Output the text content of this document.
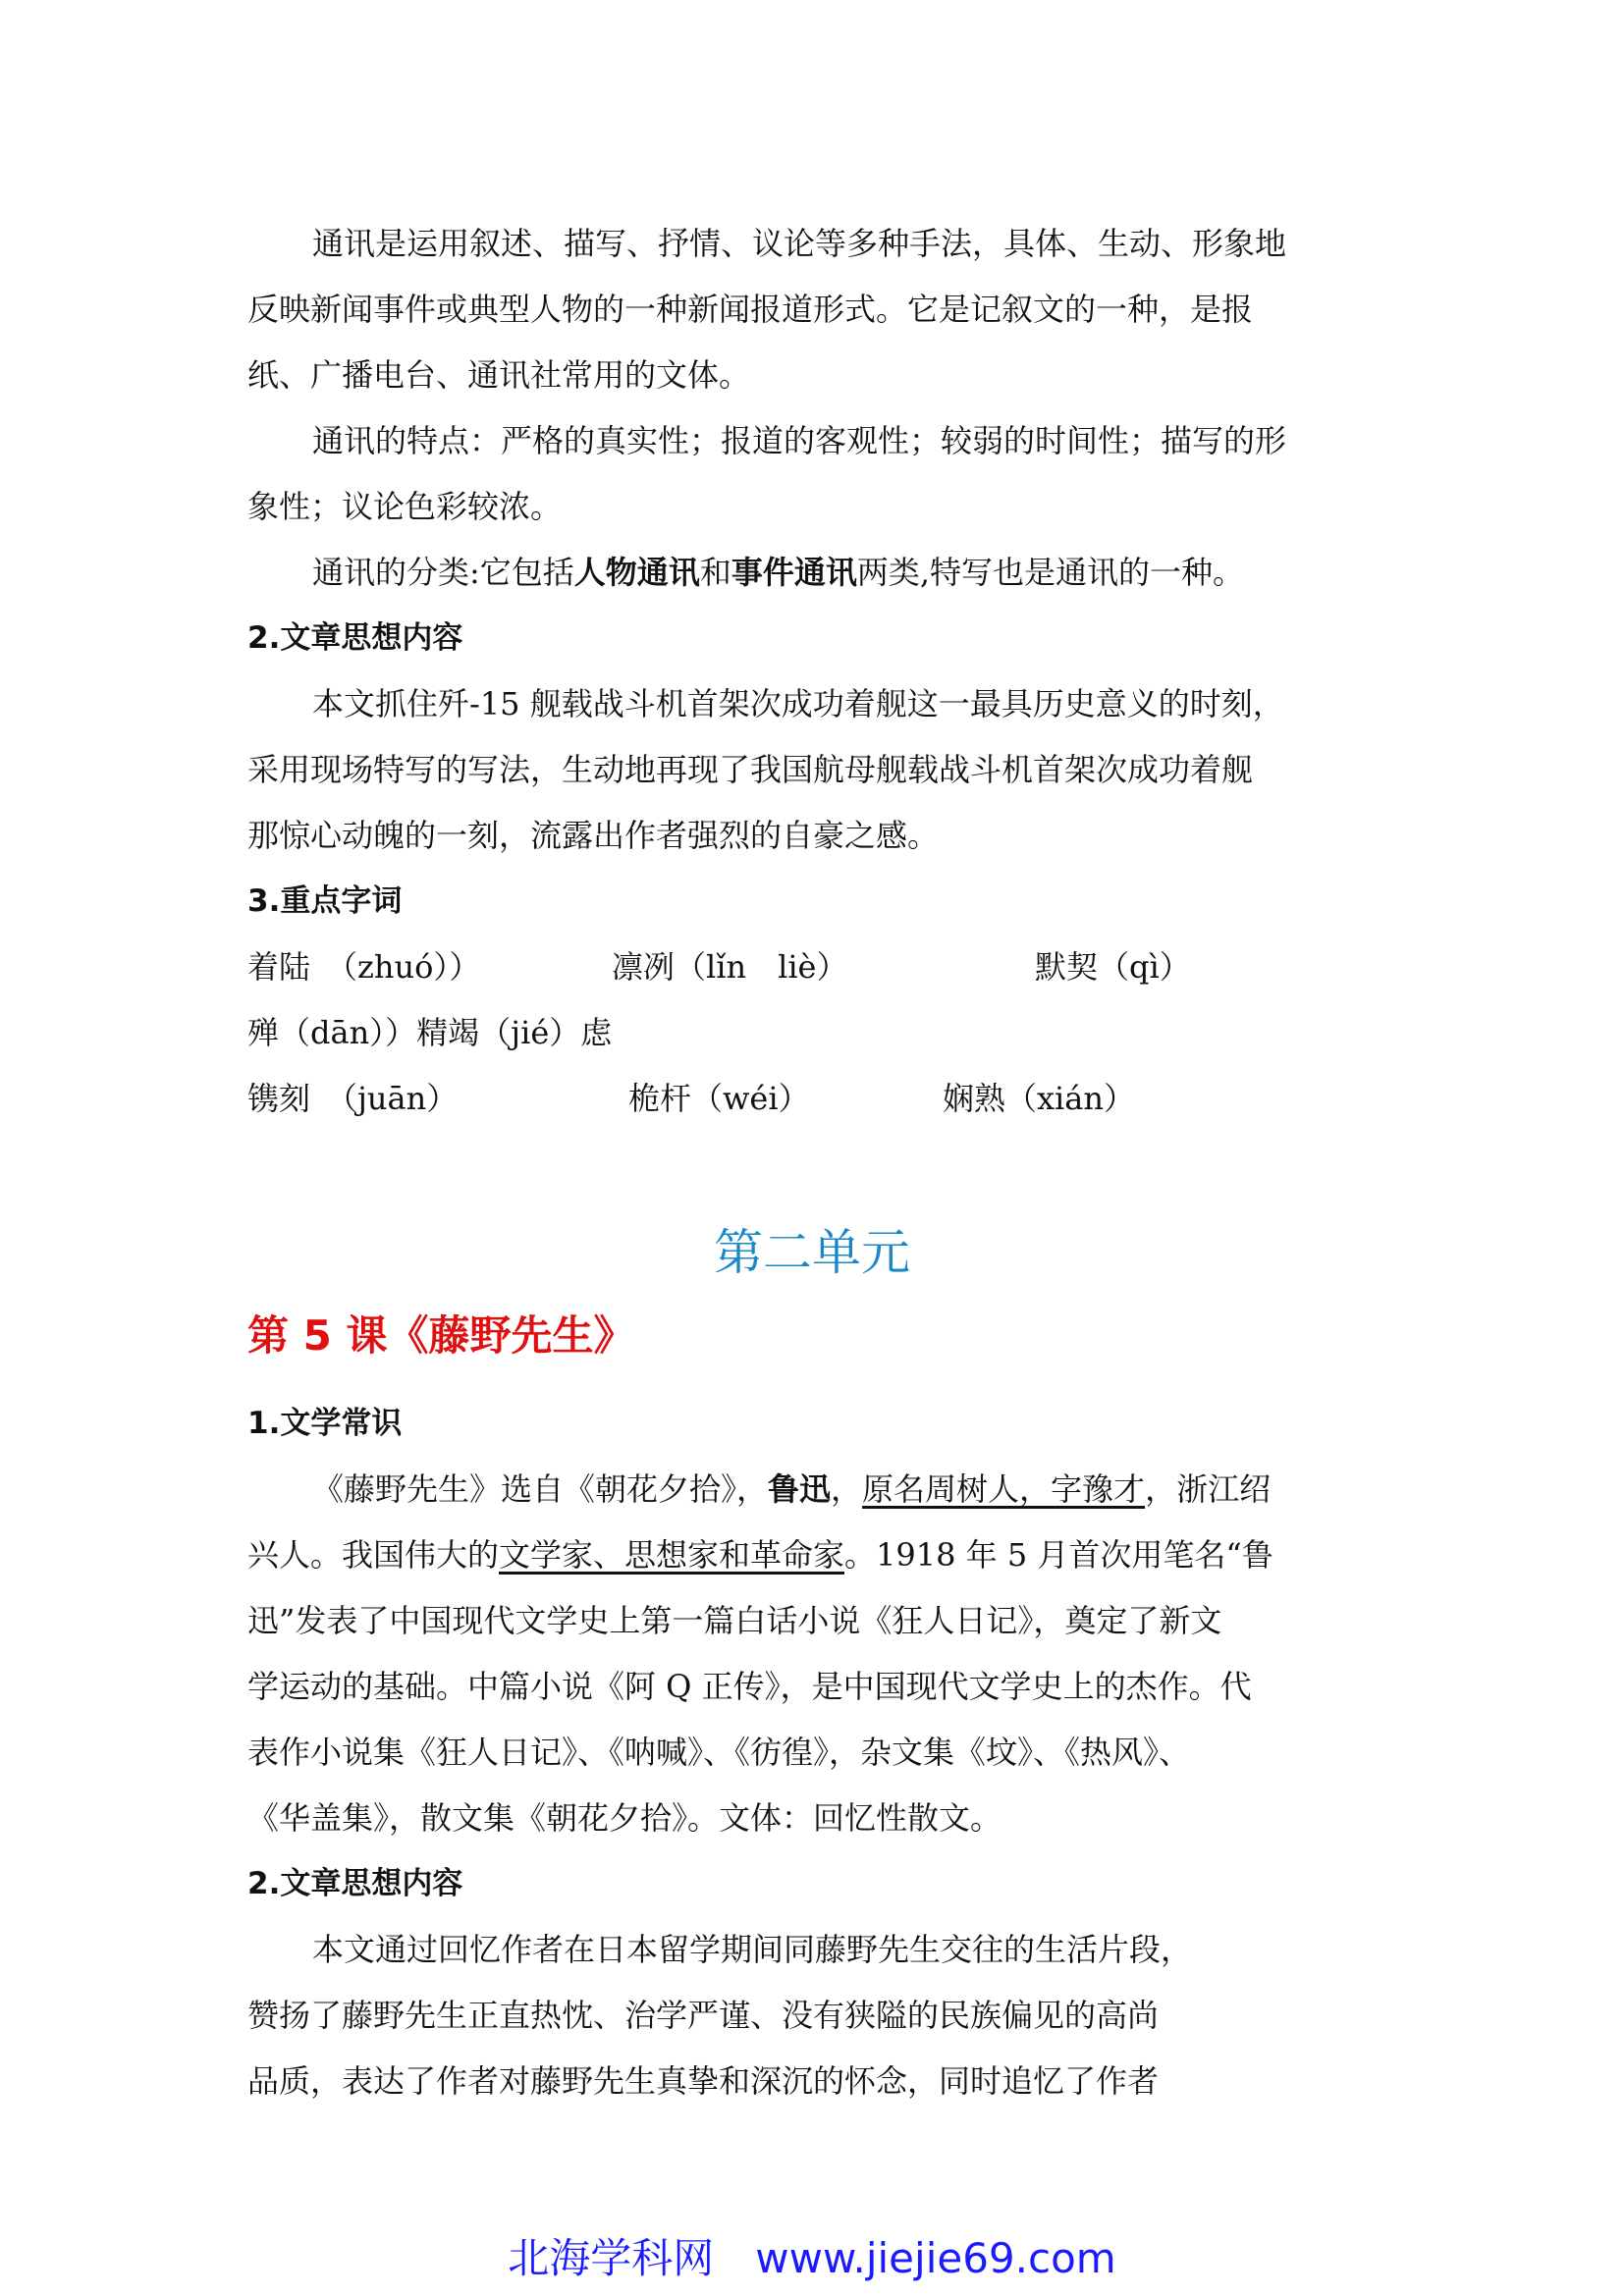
通讯是运用叙述、描写、抒情、议论等多种手法，具体、生动、形象地
反映新闻事件或典型人物的一种新闻报道形式。它是记叙文的一种，是报
纸、广播电台、通讯社常用的文体。
通讯的特点：严格的真实性；报道的客观性；较弱的时间性；描写的形
象性；议论色彩较浓。
通讯的分类:它包括人物通讯和事件通讯两类,特写也是通讯的一种。
2.文章思想内容
本文抓住歼-15 舰载战斗机首架次成功着舰这一最具历史意义的时刻，
采用现场特写的写法，生动地再现了我国航母舰载战斗机首架次成功着舰
那惊心动魄的一刻，流露出作者强烈的自豪之感。
3.重点字词
着陆　（zhuó））	凛冽（lǐn　liè）	默契（qì）
殚（dān））精竭（jié）虑
镌刻　（juān）	桅杆（wéi）	娴熟（xián）
第二单元
第 5 课《藤野先生》
1.文学常识
《藤野先生》选自《朝花夕拾》，鲁迅，原名周树人，字豫才，浙江绍
兴人。我国伟大的文学家、思想家和革命家。1918 年 5 月首次用笔名“鲁
迅”发表了中国现代文学史上第一篇白话小说《狂人日记》，奠定了新文
学运动的基础。中篇小说《阿 Q 正传》，是中国现代文学史上的杰作。代
表作小说集《狂人日记》、《呐喊》、《彷徨》，杂文集《坟》、《热风》、
《华盖集》，散文集《朝花夕拾》。文体：回忆性散文。
2.文章思想内容
本文通过回忆作者在日本留学期间同藤野先生交往的生活片段，
赞扬了藤野先生正直热忱、治学严谨、没有狭隘的民族偏见的高尚
品质，表达了作者对藤野先生真挚和深沉的怀念，同时追忆了作者
北海学科网　www.jiejie69.com
